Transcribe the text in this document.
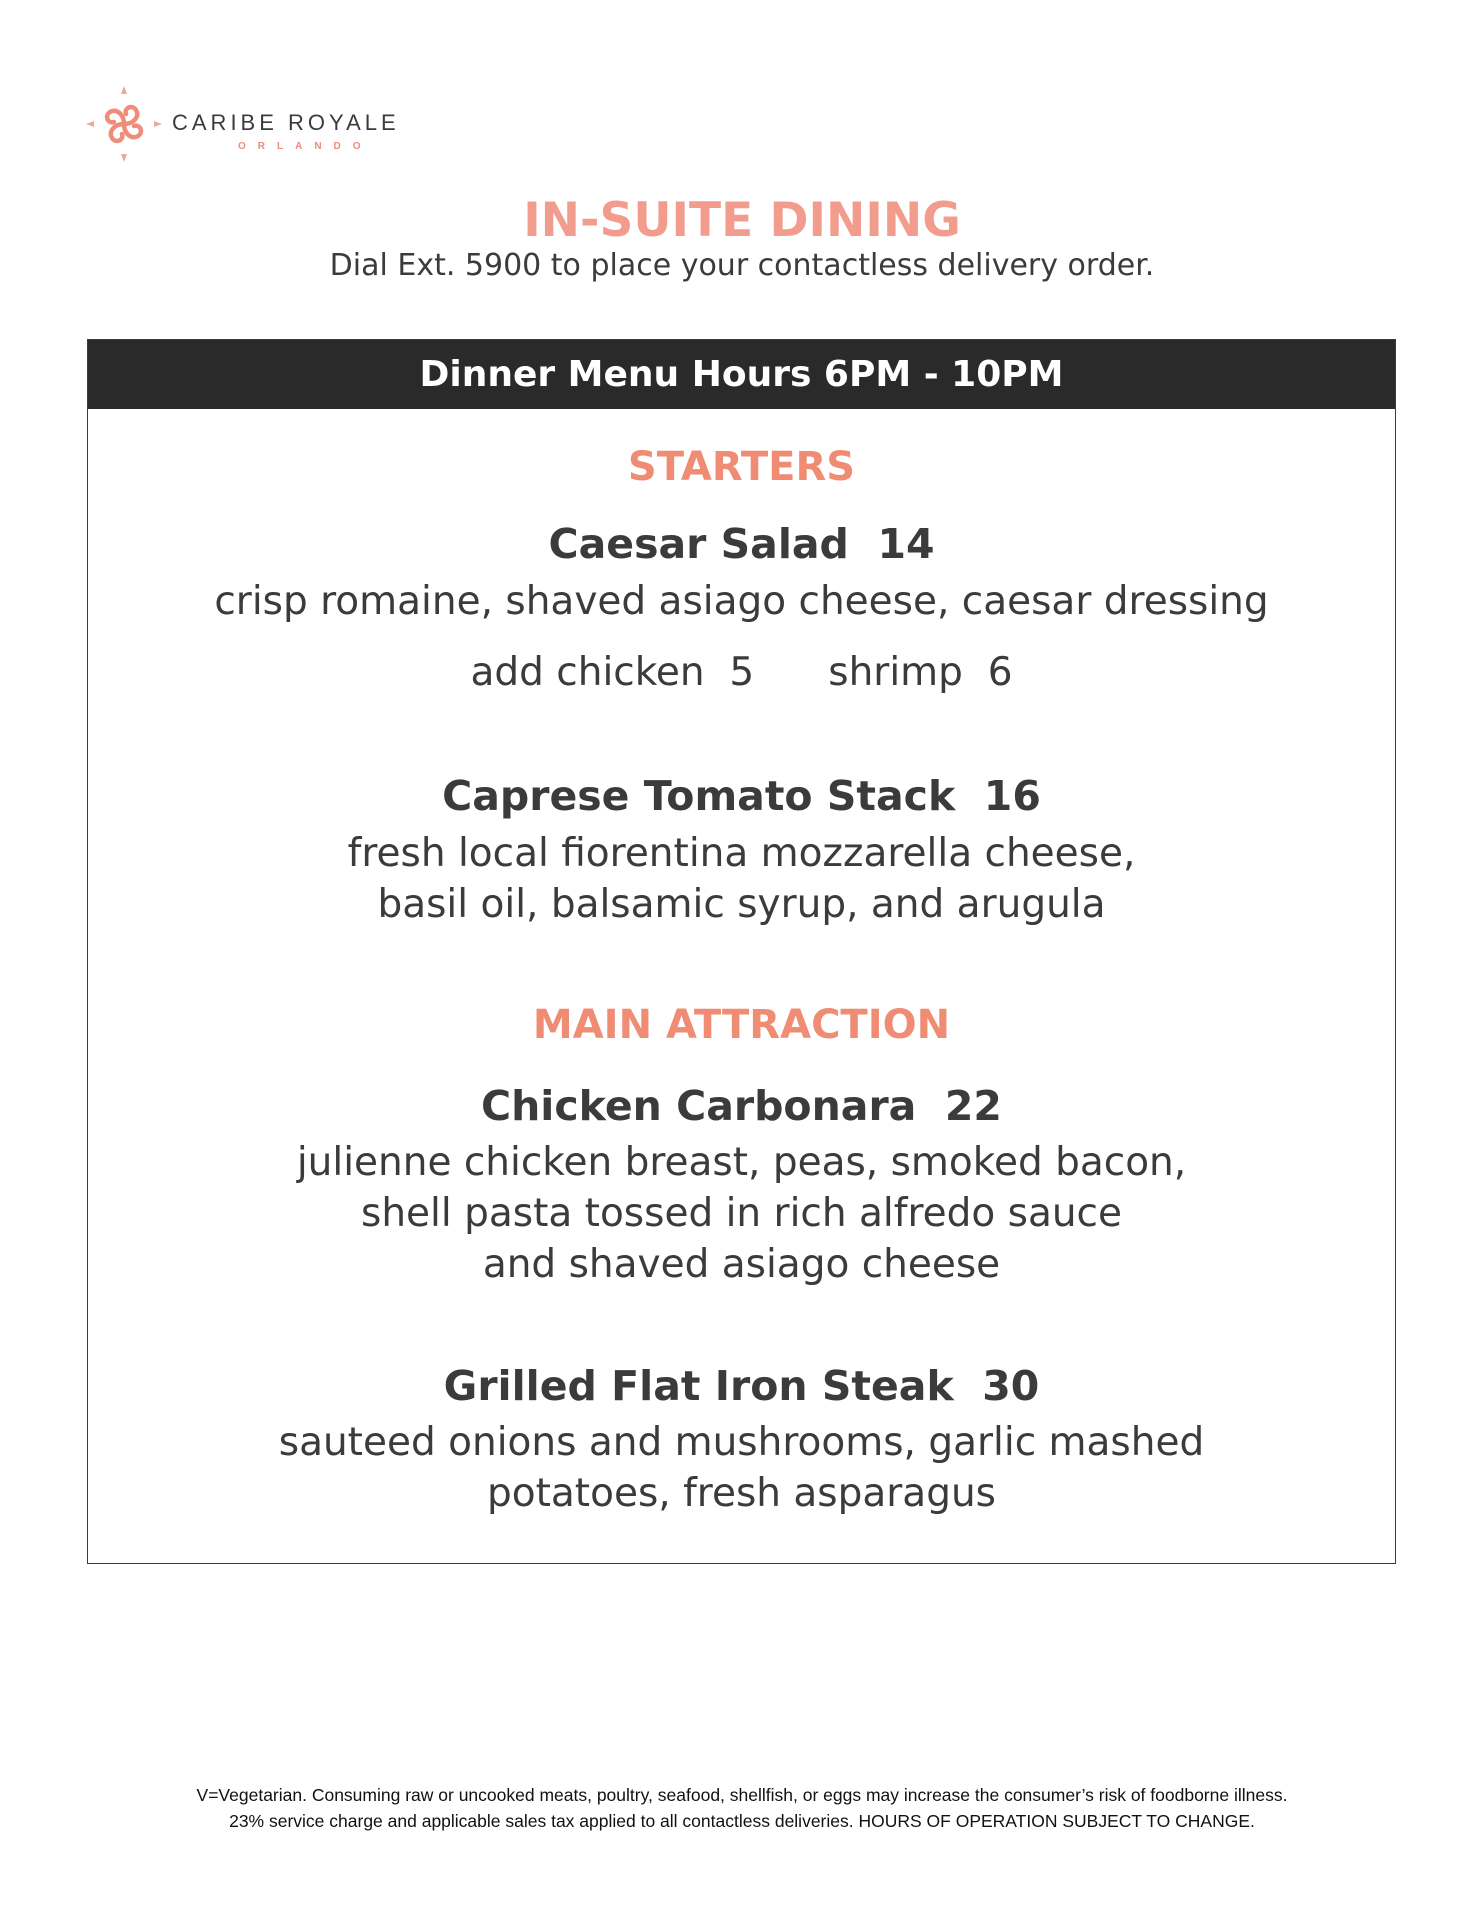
CARIBE ROYALE
ORLANDO
IN-SUITE DINING
Dial Ext. 5900 to place your contactless delivery order.
Dinner Menu Hours 6PM - 10PM
STARTERS
Caesar Salad  14
crisp romaine, shaved asiago cheese, caesar dressing
add chicken  5 shrimp  6
Caprese Tomato Stack  16
fresh local fiorentina mozzarella cheese,
basil oil, balsamic syrup, and arugula
MAIN ATTRACTION
Chicken Carbonara  22
julienne chicken breast, peas, smoked bacon,
shell pasta tossed in rich alfredo sauce
and shaved asiago cheese
Grilled Flat Iron Steak  30
sauteed onions and mushrooms, garlic mashed
potatoes, fresh asparagus
V=Vegetarian. Consuming raw or uncooked meats, poultry, seafood, shellfish, or eggs may increase the consumer’s risk of foodborne illness.
23% service charge and applicable sales tax applied to all contactless deliveries. HOURS OF OPERATION SUBJECT TO CHANGE.
